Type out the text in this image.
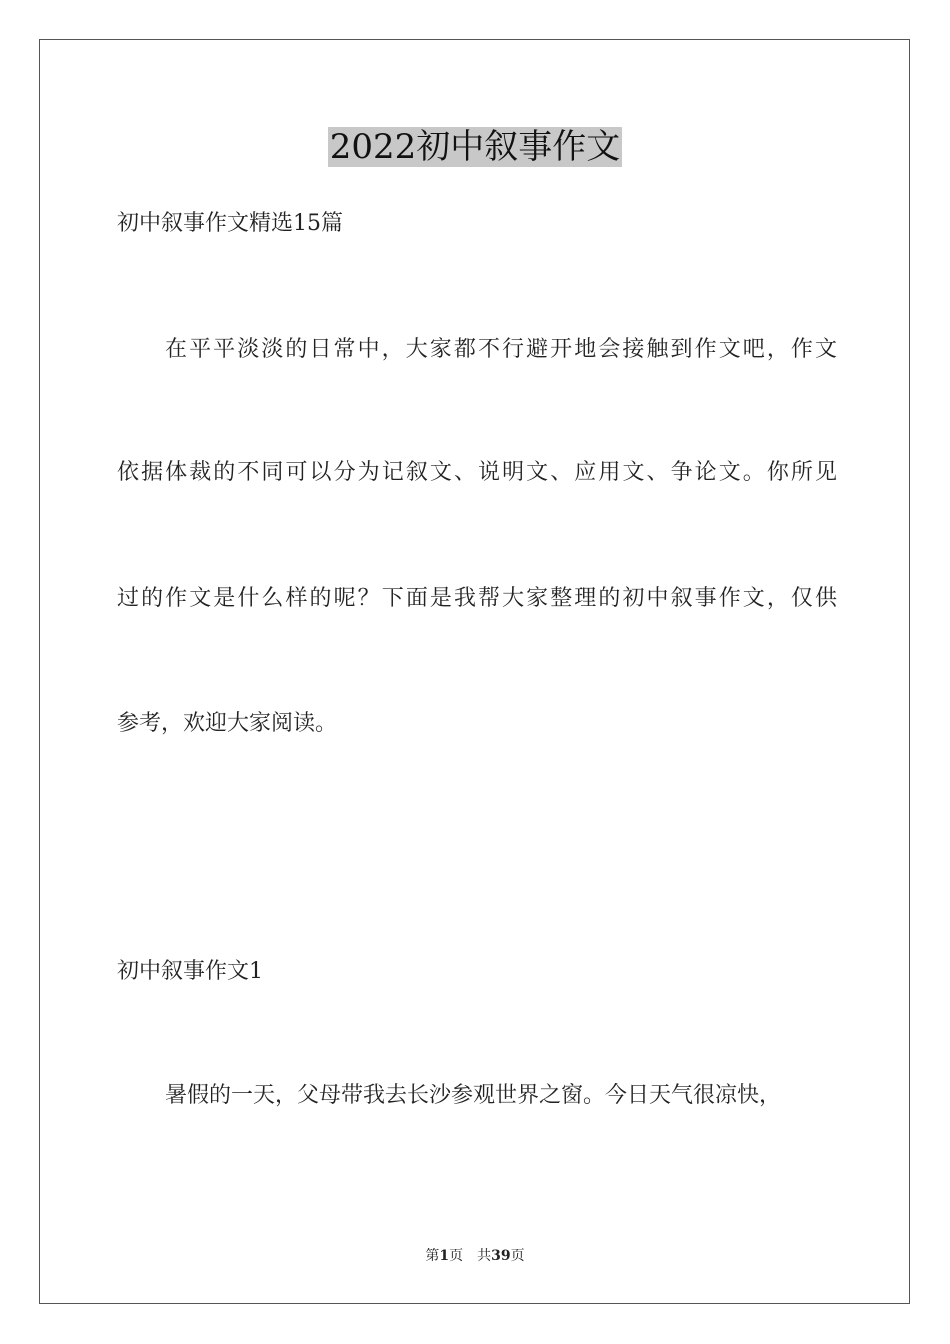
2022初中叙事作文
初中叙事作文精选15篇
在平平淡淡的日常中，大家都不行避开地会接触到作文吧，作文
依据体裁的不同可以分为记叙文、说明文、应用文、争论文。你所见
过的作文是什么样的呢？下面是我帮大家整理的初中叙事作文，仅供
参考，欢迎大家阅读。
初中叙事作文1
暑假的一天，父母带我去长沙参观世界之窗。今日天气很凉快，
第1页 共39页
